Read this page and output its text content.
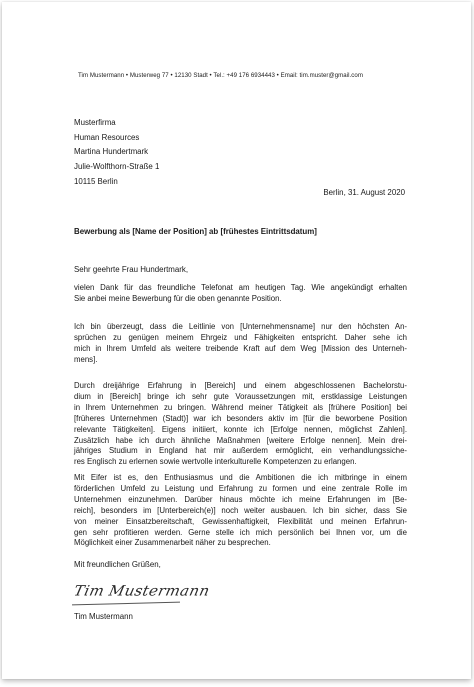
Tim Mustermann • Musterweg 77 • 12130 Stadt • Tel.: +49 176 6934443 • Email: tim.muster@gmail.com
Musterfirma
Human Resources
Martina Hundertmark
Julie-Wolfthorn-Straße 1
10115 Berlin
Berlin, 31. August 2020
Bewerbung als [Name der Position] ab [frühestes Eintrittsdatum]
Sehr geehrte Frau Hundertmark,
vielen Dank für das freundliche Telefonat am heutigen Tag. Wie angekündigt erhalten
Sie anbei meine Bewerbung für die oben genannte Position.
Ich bin überzeugt, dass die Leitlinie von [Unternehmensname] nur den höchsten An-
sprüchen zu genügen meinem Ehrgeiz und Fähigkeiten entspricht. Daher sehe ich
mich in Ihrem Umfeld als weitere treibende Kraft auf dem Weg [Mission des Unterneh-
mens].
Durch dreijährige Erfahrung in [Bereich] und einem abgeschlossenen Bachelorstu-
dium in [Bereich] bringe ich sehr gute Voraussetzungen mit, erstklassige Leistungen
in Ihrem Unternehmen zu bringen. Während meiner Tätigkeit als [frühere Position] bei
[früheres Unternehmen (Stadt)] war ich besonders aktiv im [für die beworbene Position
relevante Tätigkeiten]. Eigens initiiert, konnte ich [Erfolge nennen, möglichst Zahlen].
Zusätzlich habe ich durch ähnliche Maßnahmen [weitere Erfolge nennen]. Mein drei-
jähriges Studium in England hat mir außerdem ermöglicht, ein verhandlungssiche-
res Englisch zu erlernen sowie wertvolle interkulturelle Kompetenzen zu erlangen.
Mit Eifer ist es, den Enthusiasmus und die Ambitionen die ich mitbringe in einem
förderlichen Umfeld zu Leistung und Erfahrung zu formen und eine zentrale Rolle im
Unternehmen einzunehmen. Darüber hinaus möchte ich meine Erfahrungen im [Be-
reich], besonders im [Unterbereich(e)] noch weiter ausbauen. Ich bin sicher, dass Sie
von meiner Einsatzbereitschaft, Gewissenhaftigkeit, Flexibilität und meinen Erfahrun-
gen sehr profitieren werden. Gerne stelle ich mich persönlich bei Ihnen vor, um die
Möglichkeit einer Zusammenarbeit näher zu besprechen.
Mit freundlichen Grüßen,
Tim Mustermann
Tim Mustermann
